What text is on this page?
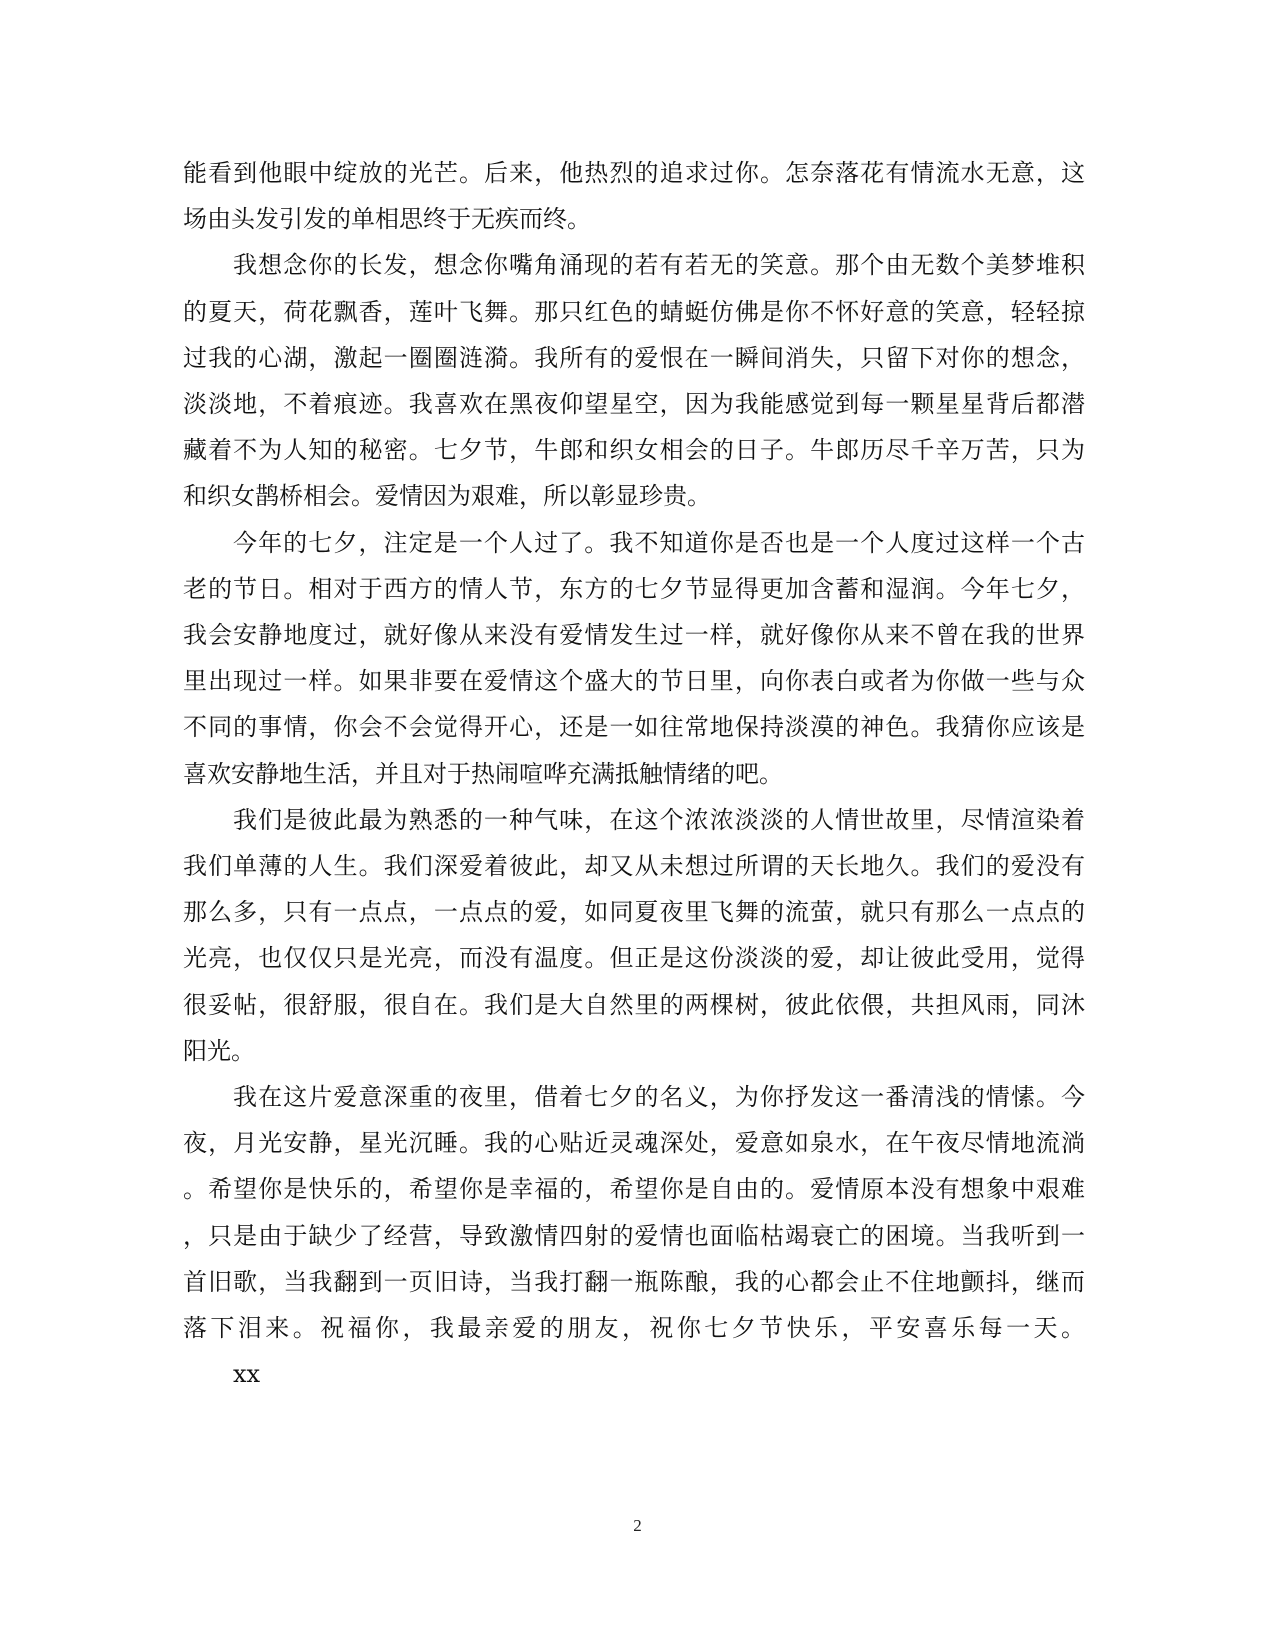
能看到他眼中绽放的光芒。后来，他热烈的追求过你。怎奈落花有情流水无意，这
场由头发引发的单相思终于无疾而终。
我想念你的长发，想念你嘴角涌现的若有若无的笑意。那个由无数个美梦堆积
的夏天，荷花飘香，莲叶飞舞。那只红色的蜻蜓仿佛是你不怀好意的笑意，轻轻掠
过我的心湖，激起一圈圈涟漪。我所有的爱恨在一瞬间消失，只留下对你的想念，
淡淡地，不着痕迹。我喜欢在黑夜仰望星空，因为我能感觉到每一颗星星背后都潜
藏着不为人知的秘密。七夕节，牛郎和织女相会的日子。牛郎历尽千辛万苦，只为
和织女鹊桥相会。爱情因为艰难，所以彰显珍贵。
今年的七夕，注定是一个人过了。我不知道你是否也是一个人度过这样一个古
老的节日。相对于西方的情人节，东方的七夕节显得更加含蓄和湿润。今年七夕，
我会安静地度过，就好像从来没有爱情发生过一样，就好像你从来不曾在我的世界
里出现过一样。如果非要在爱情这个盛大的节日里，向你表白或者为你做一些与众
不同的事情，你会不会觉得开心，还是一如往常地保持淡漠的神色。我猜你应该是
喜欢安静地生活，并且对于热闹喧哗充满抵触情绪的吧。
我们是彼此最为熟悉的一种气味，在这个浓浓淡淡的人情世故里，尽情渲染着
我们单薄的人生。我们深爱着彼此，却又从未想过所谓的天长地久。我们的爱没有
那么多，只有一点点，一点点的爱，如同夏夜里飞舞的流萤，就只有那么一点点的
光亮，也仅仅只是光亮，而没有温度。但正是这份淡淡的爱，却让彼此受用，觉得
很妥帖，很舒服，很自在。我们是大自然里的两棵树，彼此依偎，共担风雨，同沐
阳光。
我在这片爱意深重的夜里，借着七夕的名义，为你抒发这一番清浅的情愫。今
夜，月光安静，星光沉睡。我的心贴近灵魂深处，爱意如泉水，在午夜尽情地流淌
。希望你是快乐的，希望你是幸福的，希望你是自由的。爱情原本没有想象中艰难
，只是由于缺少了经营，导致激情四射的爱情也面临枯竭衰亡的困境。当我听到一
首旧歌，当我翻到一页旧诗，当我打翻一瓶陈酿，我的心都会止不住地颤抖，继而
落下泪来。祝福你，我最亲爱的朋友，祝你七夕节快乐，平安喜乐每一天。
xx
2
